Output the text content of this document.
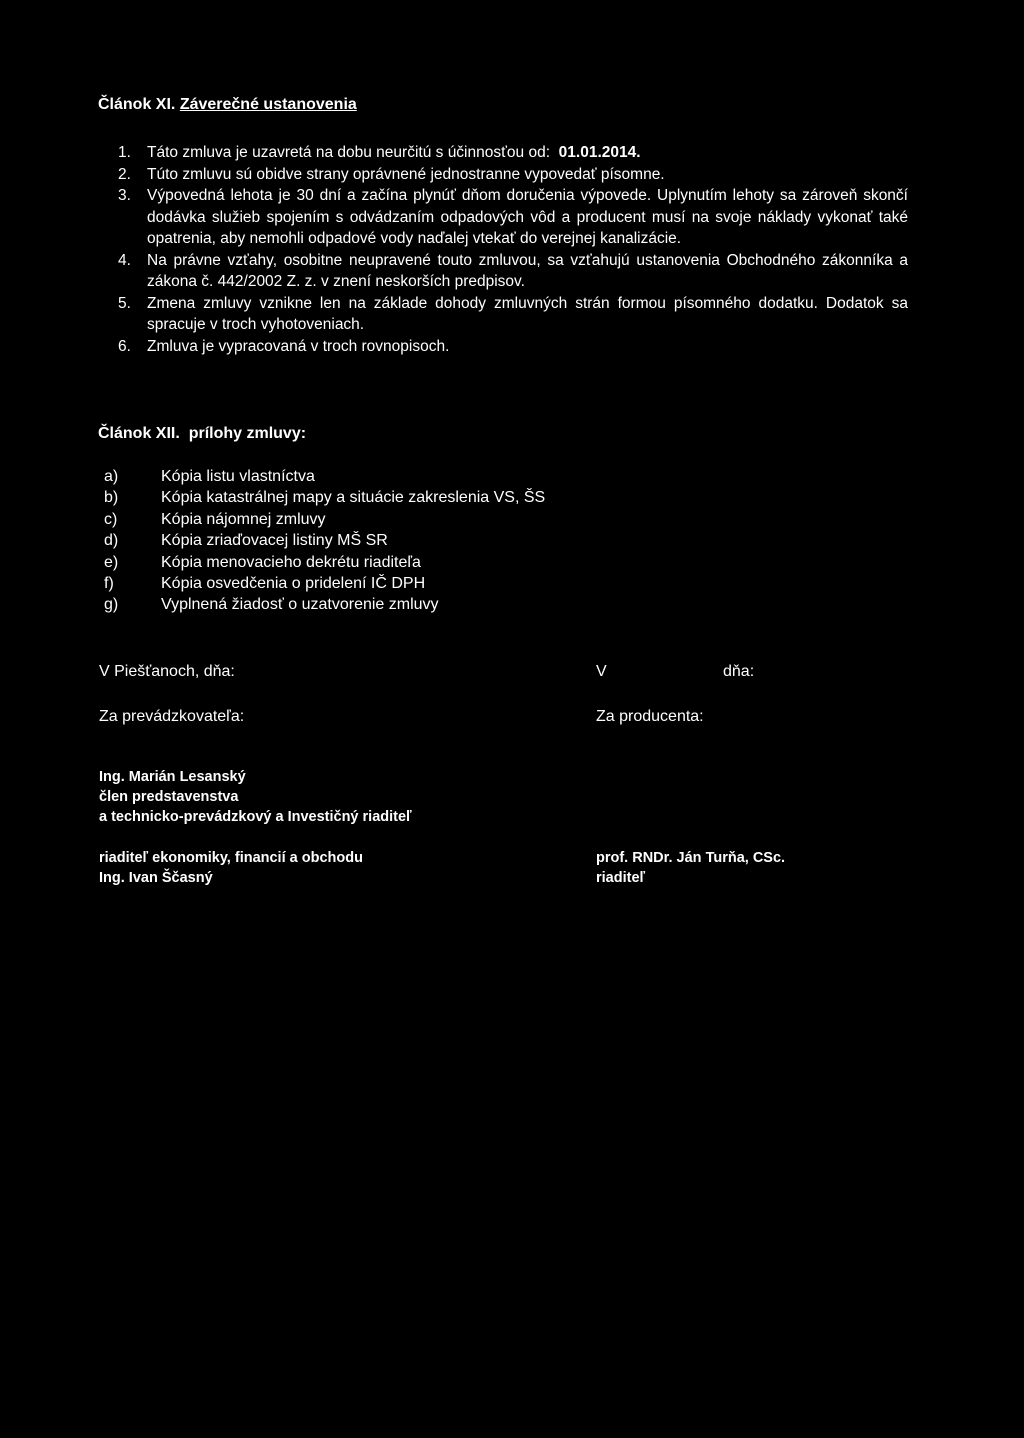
Článok XI. Záverečné ustanovenia
1. Táto zmluva je uzavretá na dobu neurčitú s účinnosťou od: 01.01.2014.
2. Túto zmluvu sú obidve strany oprávnené jednostranne vypovedať písomne.
3. Výpovedná lehota je 30 dní a začína plynúť dňom doručenia výpovede. Uplynutím lehoty sa zároveň skončí dodávka služieb spojením s odvádzaním odpadových vôd a producent musí na svoje náklady vykonať také opatrenia, aby nemohli odpadové vody naďalej vtekať do verejnej kanalizácie.
4. Na právne vzťahy, osobitne neupravené touto zmluvou, sa vzťahujú ustanovenia Obchodného zákonníka a zákona č. 442/2002 Z. z. v znení neskorších predpisov.
5. Zmena zmluvy vznikne len na základe dohody zmluvných strán formou písomného dodatku. Dodatok sa spracuje v troch vyhotoveniach.
6. Zmluva je vypracovaná v troch rovnopisoch.
Článok XII.  prílohy zmluvy:
a)	Kópia listu vlastníctva
b)	Kópia katastrálnej mapy a situácie zakreslenia VS, ŠS
c)	Kópia nájomnej zmluvy
d)	Kópia zriaďovacej listiny MŠ SR
e)	Kópia menovacieho dekrétu riaditeľa
f)	Kópia osvedčenia o pridelení IČ DPH
g)	Vyplnená žiadosť o uzatvorenie zmluvy
V Piešťanoch, dňa:	V	dňa:
Za prevádzkovateľa:	Za producenta:
Ing. Marián Lesanský
člen predstavenstva
a technicko-prevádzkový a Investičný riaditeľ
riaditeľ ekonomiky, financií a obchodu
Ing. Ivan Ščasný
prof. RNDr. Ján Turňa, CSc.
riaditeľ
